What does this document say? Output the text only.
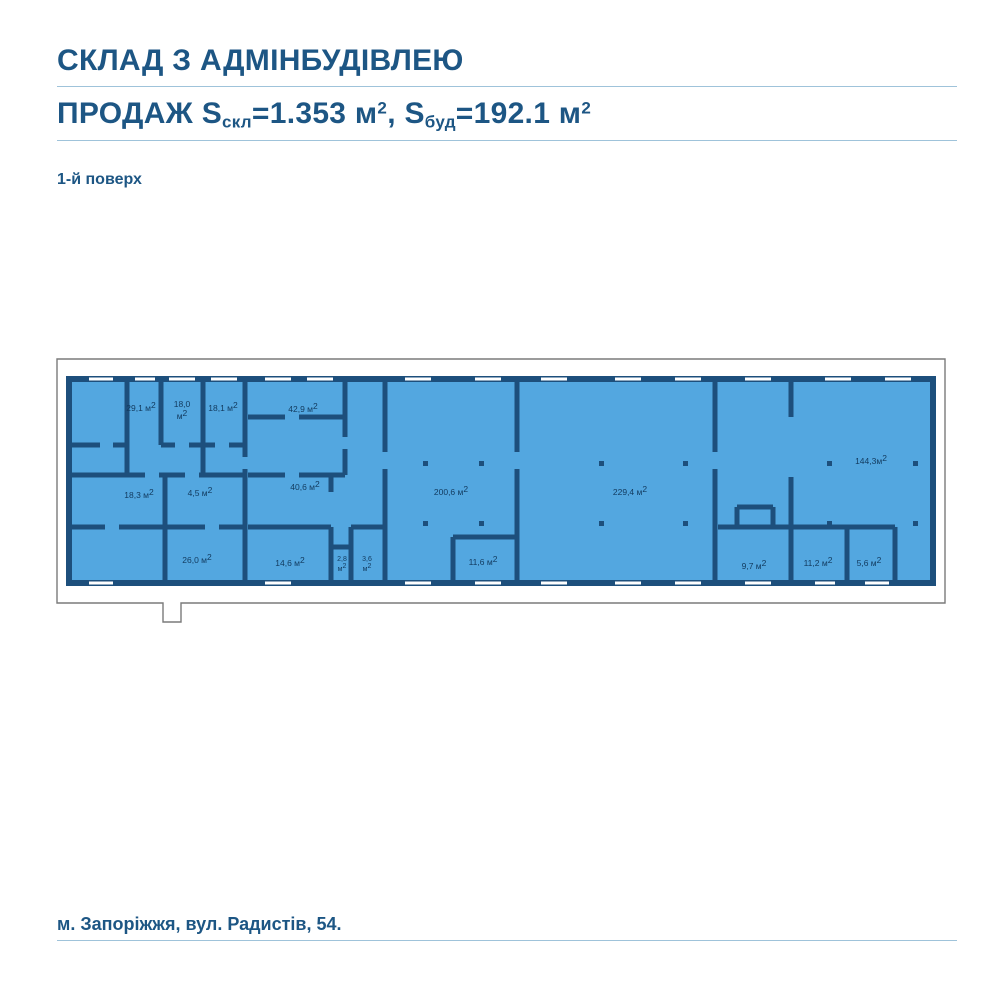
СКЛАД З АДМІНБУДІВЛЕЮ
ПРОДАЖ $S_{скл}=1.353$ $м^2$, $S_{буд}=192.1$ $м^2$
1-й поверх
29,1 м2 18,0
м2 18,1 м2	42,9 м2
18,3 м2	4,5 м2	40,6 м2
200,6 м2	229,4 м2
144,3м2
26,0 м2
14,6 м2	2,8
м2
3,6
м2	11,6 м2
9,7 м2	11,2 м2	5,6 м2
м. Запоріжжя, вул. Радистів, 54.
